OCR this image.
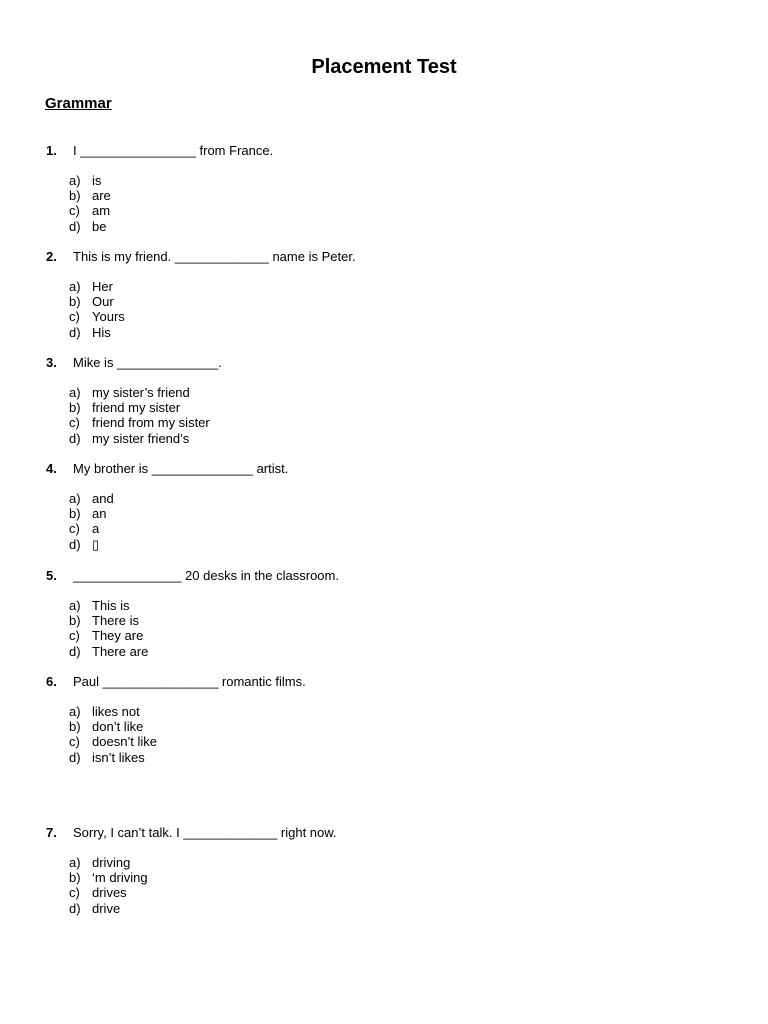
Placement Test
Grammar
1. I ________________ from France.
a) is
b) are
c) am
d) be
2. This is my friend. _____________ name is Peter.
a) Her
b) Our
c) Yours
d) His
3. Mike is ______________.
a) my sister’s friend
b) friend my sister
c) friend from my sister
d) my sister friend’s
4. My brother is ______________ artist.
a) and
b) an
c) a
d) ▯
5. _______________ 20 desks in the classroom.
a) This is
b) There is
c) They are
d) There are
6. Paul ________________ romantic films.
a) likes not
b) don’t like
c) doesn’t like
d) isn’t likes
7. Sorry, I can’t talk. I _____________ right now.
a) driving
b) ‘m driving
c) drives
d) drive
